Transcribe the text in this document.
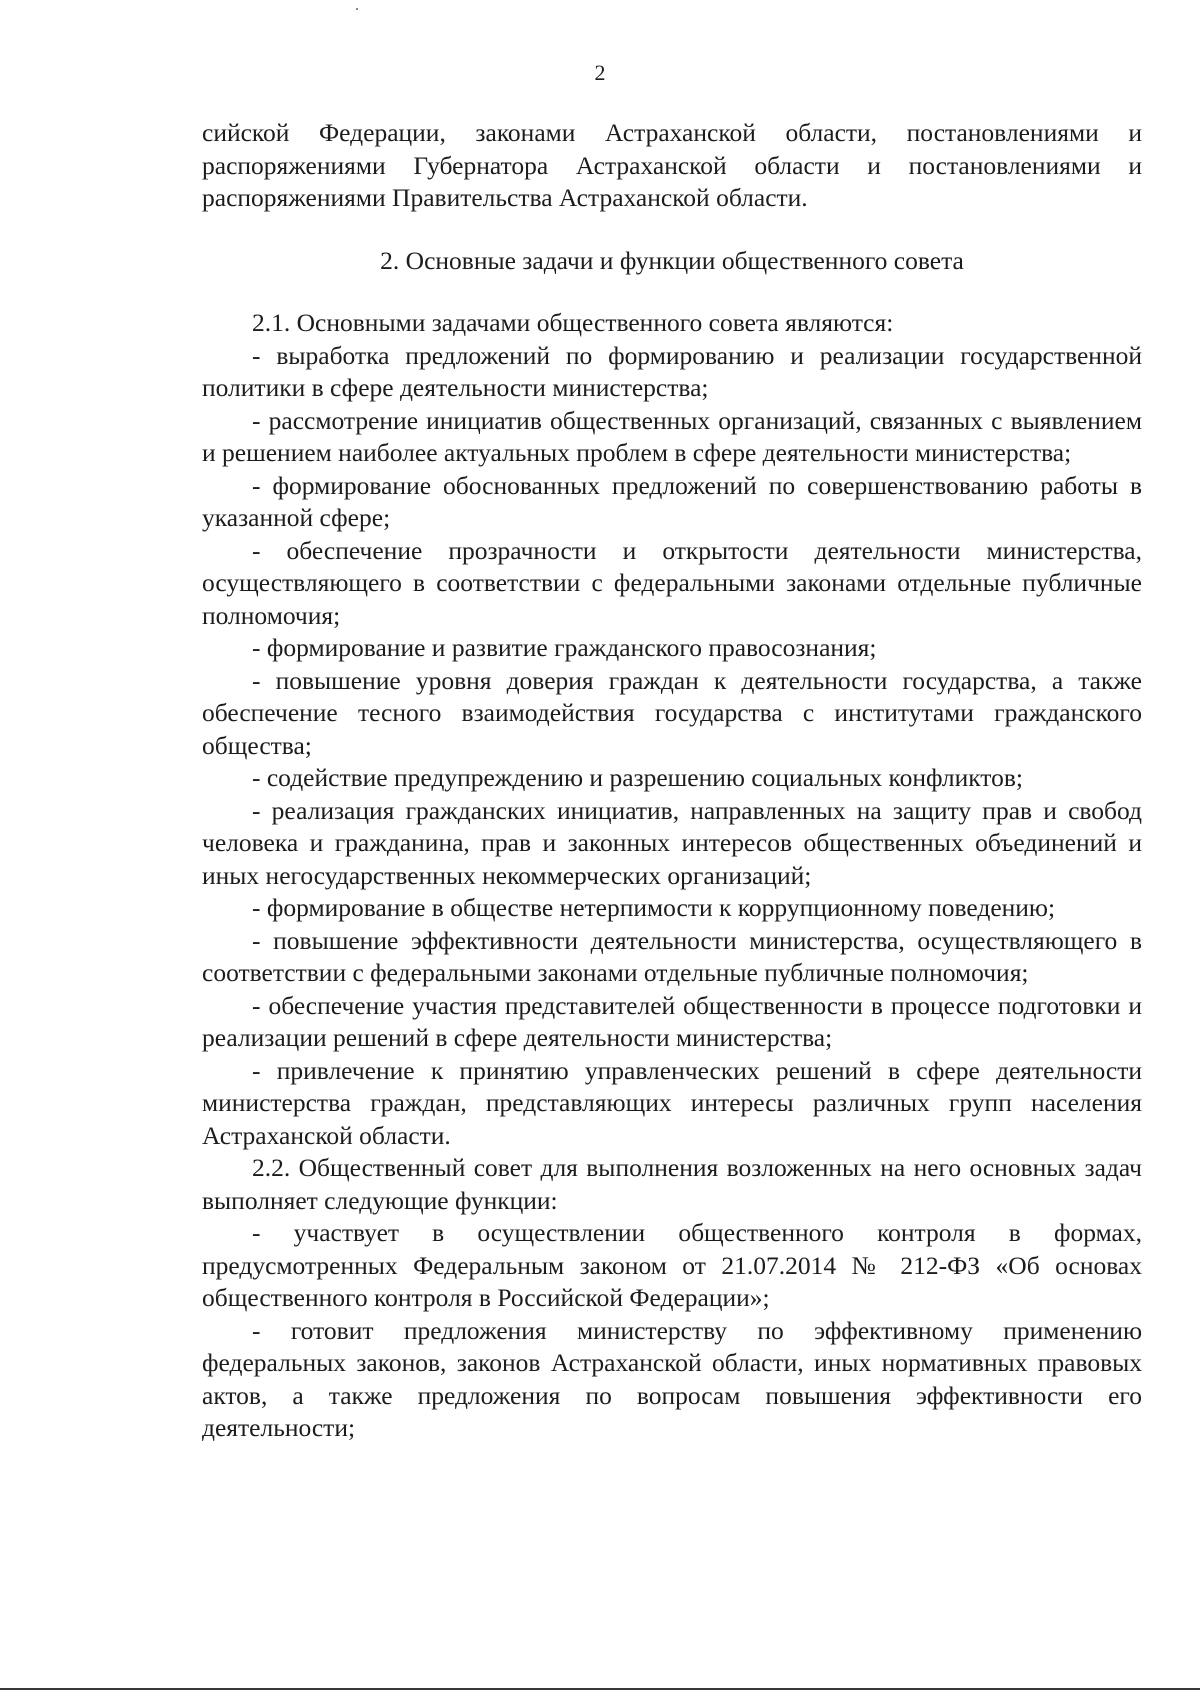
2

сийской Федерации, законами Астраханской области, постановлениями и распоряжениями Губернатора Астраханской области и постановлениями и распоряжениями Правительства Астраханской области.

2. Основные задачи и функции общественного совета

2.1. Основными задачами общественного совета являются:

- выработка предложений по формированию и реализации государственной политики в сфере деятельности министерства;

- рассмотрение инициатив общественных организаций, связанных с выявлением и решением наиболее актуальных проблем в сфере деятельности министерства;

- формирование обоснованных предложений по совершенствованию работы в указанной сфере;

- обеспечение прозрачности и открытости деятельности министерства, осуществляющего в соответствии с федеральными законами отдельные публичные полномочия;

- формирование и развитие гражданского правосознания;

- повышение уровня доверия граждан к деятельности государства, а также обеспечение тесного взаимодействия государства с институтами гражданского общества;

- содействие предупреждению и разрешению социальных конфликтов;

- реализация гражданских инициатив, направленных на защиту прав и свобод человека и гражданина, прав и законных интересов общественных объединений и иных негосударственных некоммерческих организаций;

- формирование в обществе нетерпимости к коррупционному поведению;

- повышение эффективности деятельности министерства, осуществляющего в соответствии с федеральными законами отдельные публичные полномочия;

- обеспечение участия представителей общественности в процессе подготовки и реализации решений в сфере деятельности министерства;

- привлечение к принятию управленческих решений в сфере деятельности министерства граждан, представляющих интересы различных групп населения Астраханской области.

2.2. Общественный совет для выполнения возложенных на него основных задач выполняет следующие функции:

- участвует в осуществлении общественного контроля в формах, предусмотренных Федеральным законом от 21.07.2014 № 212-ФЗ «Об основах общественного контроля в Российской Федерации»;

- готовит предложения министерству по эффективному применению федеральных законов, законов Астраханской области, иных нормативных правовых актов, а также предложения по вопросам повышения эффективности его деятельности;
